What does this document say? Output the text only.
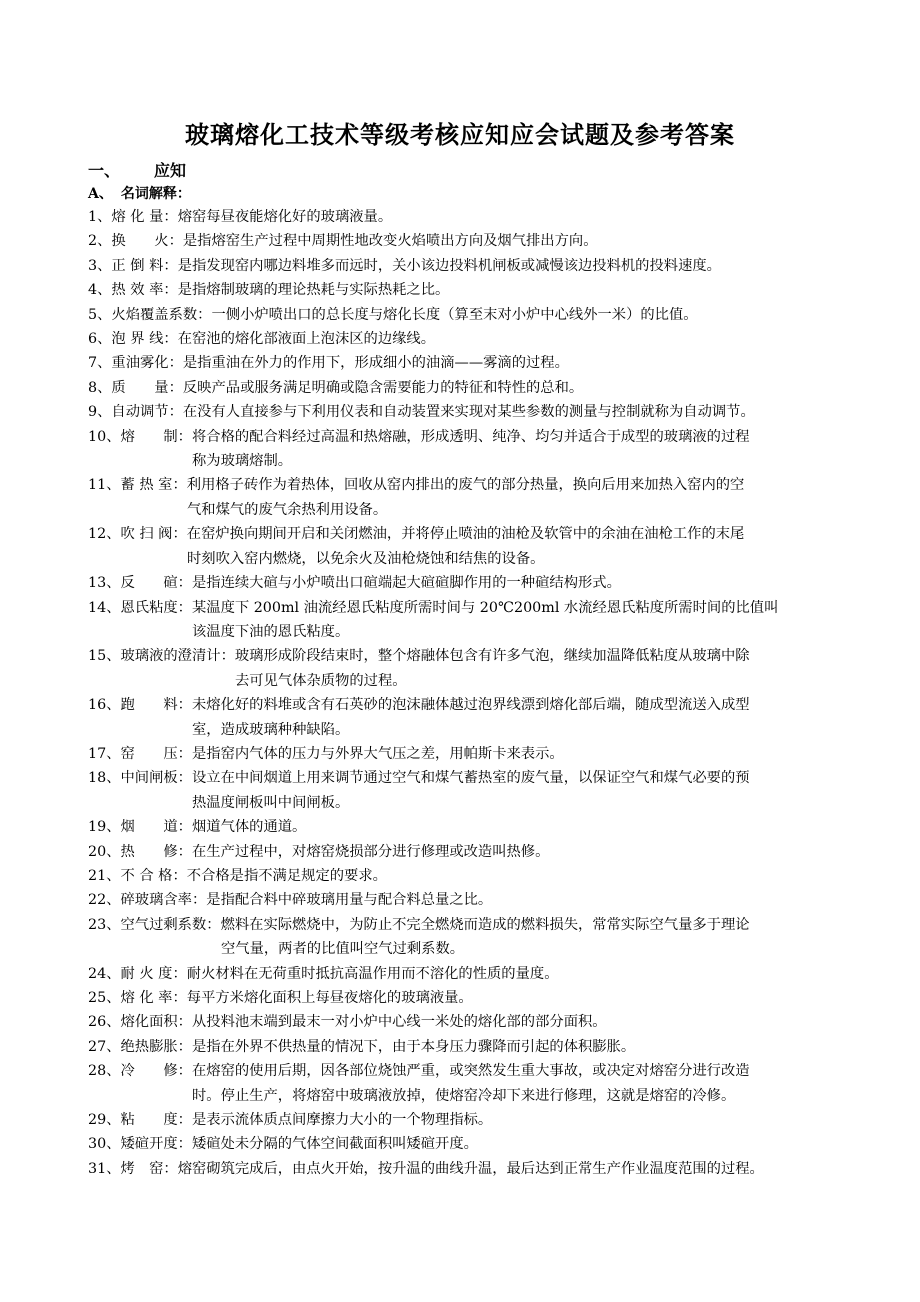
玻璃熔化工技术等级考核应知应会试题及参考答案
一、 应知
A、 名词解释：
1、熔 化 量：熔窑每昼夜能熔化好的玻璃液量。
2、换　　火：是指熔窑生产过程中周期性地改变火焰喷出方向及烟气排出方向。
3、正 倒 料：是指发现窑内哪边料堆多而远时，关小该边投料机闸板或减慢该边投料机的投料速度。
4、热 效 率：是指熔制玻璃的理论热耗与实际热耗之比。
5、火焰覆盖系数：一侧小炉喷出口的总长度与熔化长度（算至末对小炉中心线外一米）的比值。
6、泡 界 线：在窑池的熔化部液面上泡沫区的边缘线。
7、重油雾化：是指重油在外力的作用下，形成细小的油滴——雾滴的过程。
8、质　　量：反映产品或服务满足明确或隐含需要能力的特征和特性的总和。
9、自动调节：在没有人直接参与下利用仪表和自动装置来实现对某些参数的测量与控制就称为自动调节。
10、熔　　制：将合格的配合料经过高温和热熔融，形成透明、纯净、均匀并适合于成型的玻璃液的过程
称为玻璃熔制。
11、蓄 热 室：利用格子砖作为着热体，回收从窑内排出的废气的部分热量，换向后用来加热入窑内的空
气和煤气的废气余热利用设备。
12、吹 扫 阀：在窑炉换向期间开启和关闭燃油，并将停止喷油的油枪及软管中的余油在油枪工作的末尾
时刻吹入窑内燃烧，以免余火及油枪烧蚀和结焦的设备。
13、反　　碹：是指连续大碹与小炉喷出口碹端起大碹碹脚作用的一种碹结构形式。
14、恩氏粘度：某温度下 200ml 油流经恩氏粘度所需时间与 20℃200ml 水流经恩氏粘度所需时间的比值叫
该温度下油的恩氏粘度。
15、玻璃液的澄清计：玻璃形成阶段结束时，整个熔融体包含有许多气泡，继续加温降低粘度从玻璃中除
去可见气体杂质物的过程。
16、跑　　料：未熔化好的料堆或含有石英砂的泡沫融体越过泡界线漂到熔化部后端，随成型流送入成型
室，造成玻璃种种缺陷。
17、窑　　压：是指窑内气体的压力与外界大气压之差，用帕斯卡来表示。
18、中间闸板：设立在中间烟道上用来调节通过空气和煤气蓄热室的废气量，以保证空气和煤气必要的预
热温度闸板叫中间闸板。
19、烟　　道：烟道气体的通道。
20、热　　修：在生产过程中，对熔窑烧损部分进行修理或改造叫热修。
21、不 合 格：不合格是指不满足规定的要求。
22、碎玻璃含率：是指配合料中碎玻璃用量与配合料总量之比。
23、空气过剩系数：燃料在实际燃烧中，为防止不完全燃烧而造成的燃料损失，常常实际空气量多于理论
空气量，两者的比值叫空气过剩系数。
24、耐 火 度：耐火材料在无荷重时抵抗高温作用而不溶化的性质的量度。
25、熔 化 率：每平方米熔化面积上每昼夜熔化的玻璃液量。
26、熔化面积：从投料池末端到最末一对小炉中心线一米处的熔化部的部分面积。
27、绝热膨胀：是指在外界不供热量的情况下，由于本身压力骤降而引起的体积膨胀。
28、冷　　修：在熔窑的使用后期，因各部位烧蚀严重，或突然发生重大事故，或决定对熔窑分进行改造
时。停止生产，将熔窑中玻璃液放掉，使熔窑冷却下来进行修理，这就是熔窑的冷修。
29、粘　　度：是表示流体质点间摩擦力大小的一个物理指标。
30、矮碹开度：矮碹处未分隔的气体空间截面积叫矮碹开度。
31、烤　窑：熔窑砌筑完成后，由点火开始，按升温的曲线升温，最后达到正常生产作业温度范围的过程。
